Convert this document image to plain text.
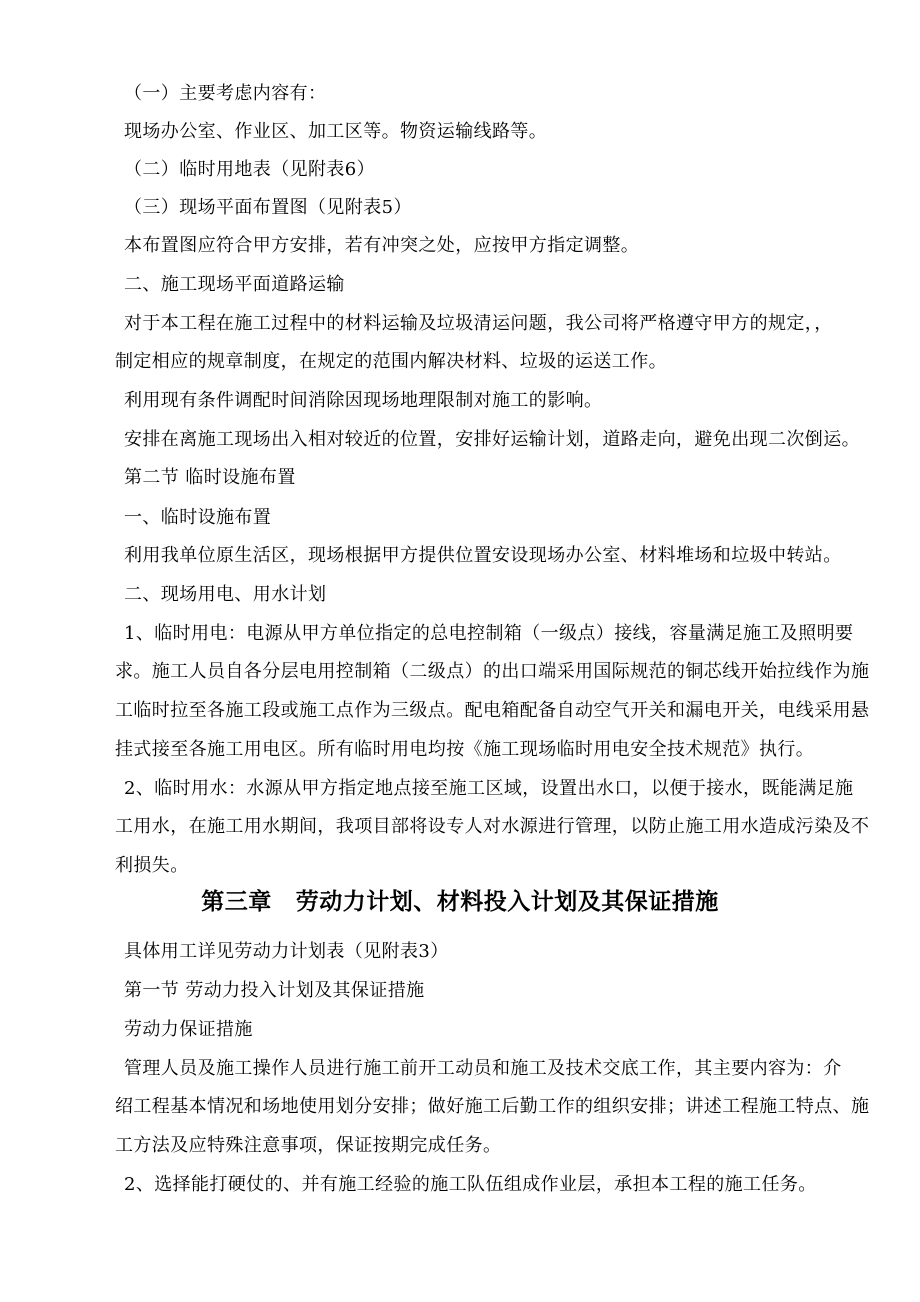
（一）主要考虑内容有：
现场办公室、作业区、加工区等。物资运输线路等。
（二）临时用地表（见附表6）
（三）现场平面布置图（见附表5）
本布置图应符合甲方安排，若有冲突之处，应按甲方指定调整。
二、施工现场平面道路运输
对于本工程在施工过程中的材料运输及垃圾清运问题，我公司将严格遵守甲方的规定，，
制定相应的规章制度，在规定的范围内解决材料、垃圾的运送工作。
利用现有条件调配时间消除因现场地理限制对施工的影响。
安排在离施工现场出入相对较近的位置，安排好运输计划，道路走向，避免出现二次倒运。
第二节 临时设施布置
一、临时设施布置
利用我单位原生活区，现场根据甲方提供位置安设现场办公室、材料堆场和垃圾中转站。
二、现场用电、用水计划
1、临时用电：电源从甲方单位指定的总电控制箱（一级点）接线，容量满足施工及照明要
求。施工人员自各分层电用控制箱（二级点）的出口端采用国际规范的铜芯线开始拉线作为施
工临时拉至各施工段或施工点作为三级点。配电箱配备自动空气开关和漏电开关，电线采用悬
挂式接至各施工用电区。所有临时用电均按《施工现场临时用电安全技术规范》执行。
2、临时用水：水源从甲方指定地点接至施工区域，设置出水口，以便于接水，既能满足施
工用水，在施工用水期间，我项目部将设专人对水源进行管理，以防止施工用水造成污染及不
利损失。
第三章 劳动力计划、材料投入计划及其保证措施
具体用工详见劳动力计划表（见附表3）
第一节 劳动力投入计划及其保证措施
劳动力保证措施
管理人员及施工操作人员进行施工前开工动员和施工及技术交底工作，其主要内容为：介
绍工程基本情况和场地使用划分安排；做好施工后勤工作的组织安排；讲述工程施工特点、施
工方法及应特殊注意事项，保证按期完成任务。
2、选择能打硬仗的、并有施工经验的施工队伍组成作业层，承担本工程的施工任务。
